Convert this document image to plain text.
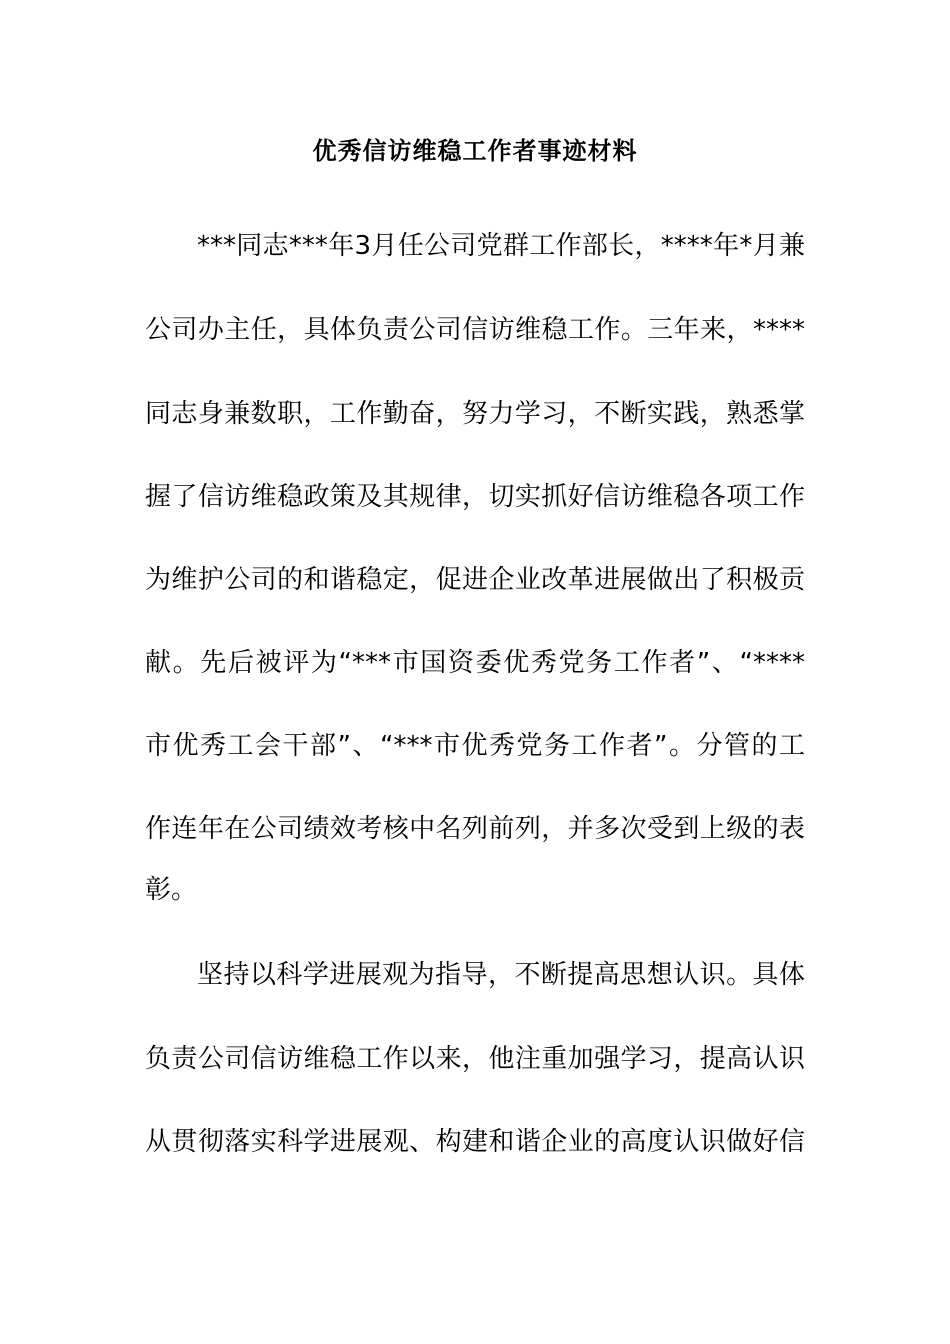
优秀信访维稳工作者事迹材料
***同志***年3月任公司党群工作部长，****年*月兼
公司办主任，具体负责公司信访维稳工作。三年来，****
同志身兼数职，工作勤奋，努力学习，不断实践，熟悉掌
握了信访维稳政策及其规律，切实抓好信访维稳各项工作
为维护公司的和谐稳定，促进企业改革进展做出了积极贡
献。先后被评为“***市国资委优秀党务工作者”、“****
市优秀工会干部”、“***市优秀党务工作者”。分管的工
作连年在公司绩效考核中名列前列，并多次受到上级的表
彰。
坚持以科学进展观为指导，不断提高思想认识。具体
负责公司信访维稳工作以来，他注重加强学习，提高认识
从贯彻落实科学进展观、构建和谐企业的高度认识做好信
